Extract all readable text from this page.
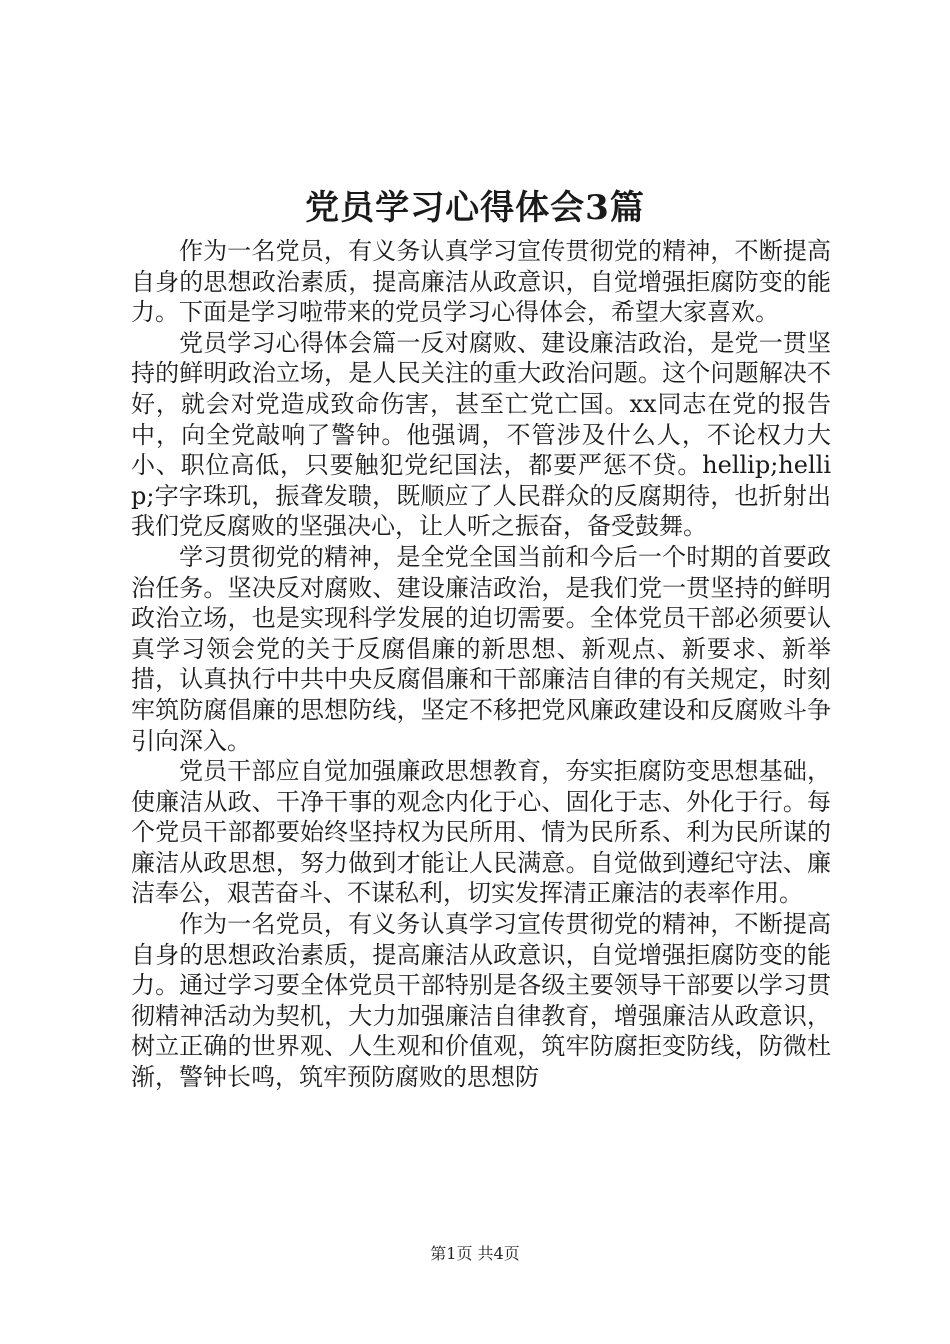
党员学习心得体会3篇

作为一名党员，有义务认真学习宣传贯彻党的精神，不断提高自身的思想政治素质，提高廉洁从政意识，自觉增强拒腐防变的能力。下面是学习啦带来的党员学习心得体会，希望大家喜欢。

党员学习心得体会篇一反对腐败、建设廉洁政治，是党一贯坚持的鲜明政治立场，是人民关注的重大政治问题。这个问题解决不好，就会对党造成致命伤害，甚至亡党亡国。xx同志在党的报告中，向全党敲响了警钟。他强调，不管涉及什么人，不论权力大小、职位高低，只要触犯党纪国法，都要严惩不贷。hellip;hellip;字字珠玑，振聋发聩，既顺应了人民群众的反腐期待，也折射出我们党反腐败的坚强决心，让人听之振奋，备受鼓舞。

学习贯彻党的精神，是全党全国当前和今后一个时期的首要政治任务。坚决反对腐败、建设廉洁政治，是我们党一贯坚持的鲜明政治立场，也是实现科学发展的迫切需要。全体党员干部必须要认真学习领会党的关于反腐倡廉的新思想、新观点、新要求、新举措，认真执行中共中央反腐倡廉和干部廉洁自律的有关规定，时刻牢筑防腐倡廉的思想防线，坚定不移把党风廉政建设和反腐败斗争引向深入。

党员干部应自觉加强廉政思想教育，夯实拒腐防变思想基础，使廉洁从政、干净干事的观念内化于心、固化于志、外化于行。每个党员干部都要始终坚持权为民所用、情为民所系、利为民所谋的廉洁从政思想，努力做到才能让人民满意。自觉做到遵纪守法、廉洁奉公，艰苦奋斗、不谋私利，切实发挥清正廉洁的表率作用。

作为一名党员，有义务认真学习宣传贯彻党的精神，不断提高自身的思想政治素质，提高廉洁从政意识，自觉增强拒腐防变的能力。通过学习要全体党员干部特别是各级主要领导干部要以学习贯彻精神活动为契机，大力加强廉洁自律教育，增强廉洁从政意识，树立正确的世界观、人生观和价值观，筑牢防腐拒变防线，防微杜渐，警钟长鸣，筑牢预防腐败的思想防

第1页 共4页
